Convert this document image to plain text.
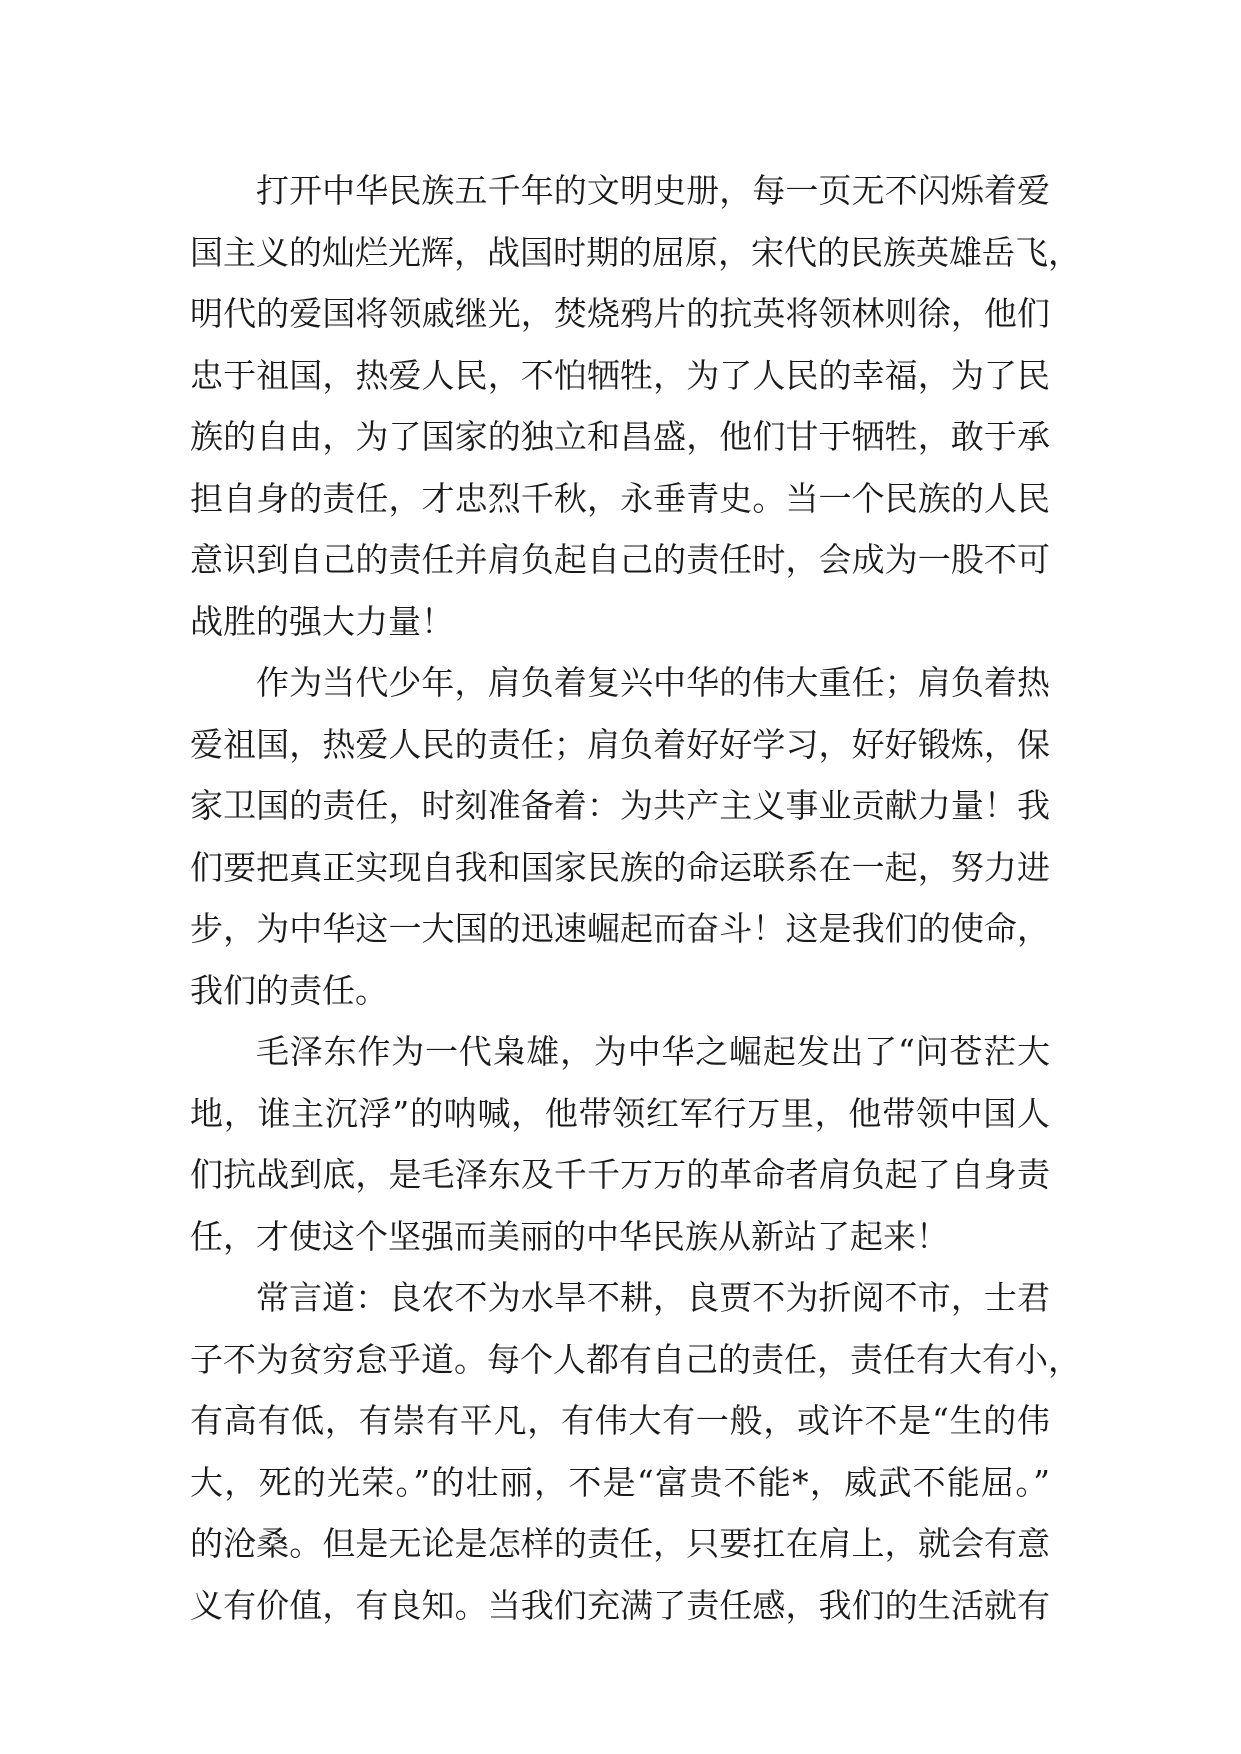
打开中华民族五千年的文明史册，每一页无不闪烁着爱
国主义的灿烂光辉，战国时期的屈原，宋代的民族英雄岳飞，
明代的爱国将领戚继光，焚烧鸦片的抗英将领林则徐，他们
忠于祖国，热爱人民，不怕牺牲，为了人民的幸福，为了民
族的自由，为了国家的独立和昌盛，他们甘于牺牲，敢于承
担自身的责任，才忠烈千秋，永垂青史。当一个民族的人民
意识到自己的责任并肩负起自己的责任时，会成为一股不可
战胜的强大力量！
作为当代少年，肩负着复兴中华的伟大重任；肩负着热
爱祖国，热爱人民的责任；肩负着好好学习，好好锻炼，保
家卫国的责任，时刻准备着：为共产主义事业贡献力量！我
们要把真正实现自我和国家民族的命运联系在一起，努力进
步，为中华这一大国的迅速崛起而奋斗！这是我们的使命，
我们的责任。
毛泽东作为一代枭雄，为中华之崛起发出了“问苍茫大
地，谁主沉浮”的呐喊，他带领红军行万里，他带领中国人
们抗战到底，是毛泽东及千千万万的革命者肩负起了自身责
任，才使这个坚强而美丽的中华民族从新站了起来！
常言道：良农不为水旱不耕，良贾不为折阅不市，士君
子不为贫穷怠乎道。每个人都有自己的责任，责任有大有小，
有高有低，有崇有平凡，有伟大有一般，或许不是“生的伟
大，死的光荣。”的壮丽，不是“富贵不能*，威武不能屈。”
的沧桑。但是无论是怎样的责任，只要扛在肩上，就会有意
义有价值，有良知。当我们充满了责任感，我们的生活就有
